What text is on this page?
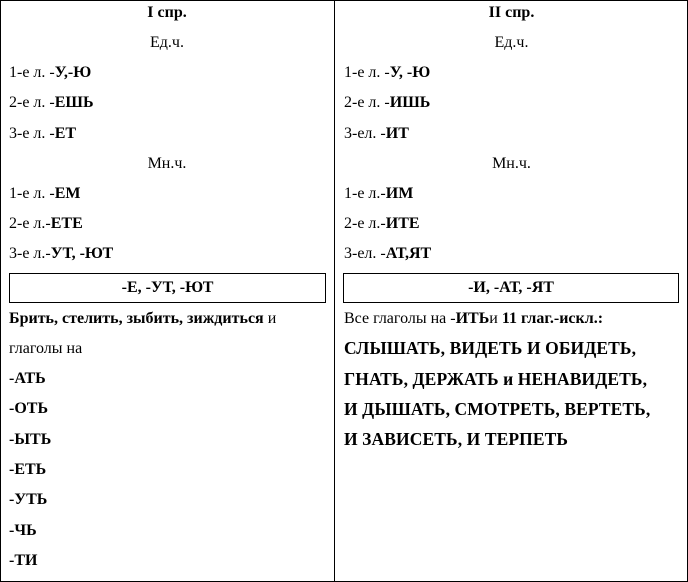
I спр.
Ед.ч.
1-е л. -У,-Ю
2-е л. -ЕШЬ
3-е л. -ЕТ
Мн.ч.
1-е л. -ЕМ
2-е л.-ЕТЕ
3-е л.-УТ, -ЮТ
-Е, -УТ, -ЮТ
Брить, стелить, зыбить, зиждиться и
глаголы на
-АТЬ
-ОТЬ
-ЫТЬ
-ЕТЬ
-УТЬ
-ЧЬ
-ТИ
II спр.
Ед.ч.
1-е л. -У, -Ю
2-е л. -ИШЬ
3-ел. -ИТ
Мн.ч.
1-е л.-ИМ
2-е л.-ИТЕ
3-ел. -АТ,ЯТ
-И, -АТ, -ЯТ
Все глаголы на -ИТЬи 11 глаг.-искл.:
СЛЫШАТЬ, ВИДЕТЬ И ОБИДЕТЬ,
ГНАТЬ, ДЕРЖАТЬ и НЕНАВИДЕТЬ,
И ДЫШАТЬ, СМОТРЕТЬ, ВЕРТЕТЬ,
И ЗАВИСЕТЬ, И ТЕРПЕТЬ
